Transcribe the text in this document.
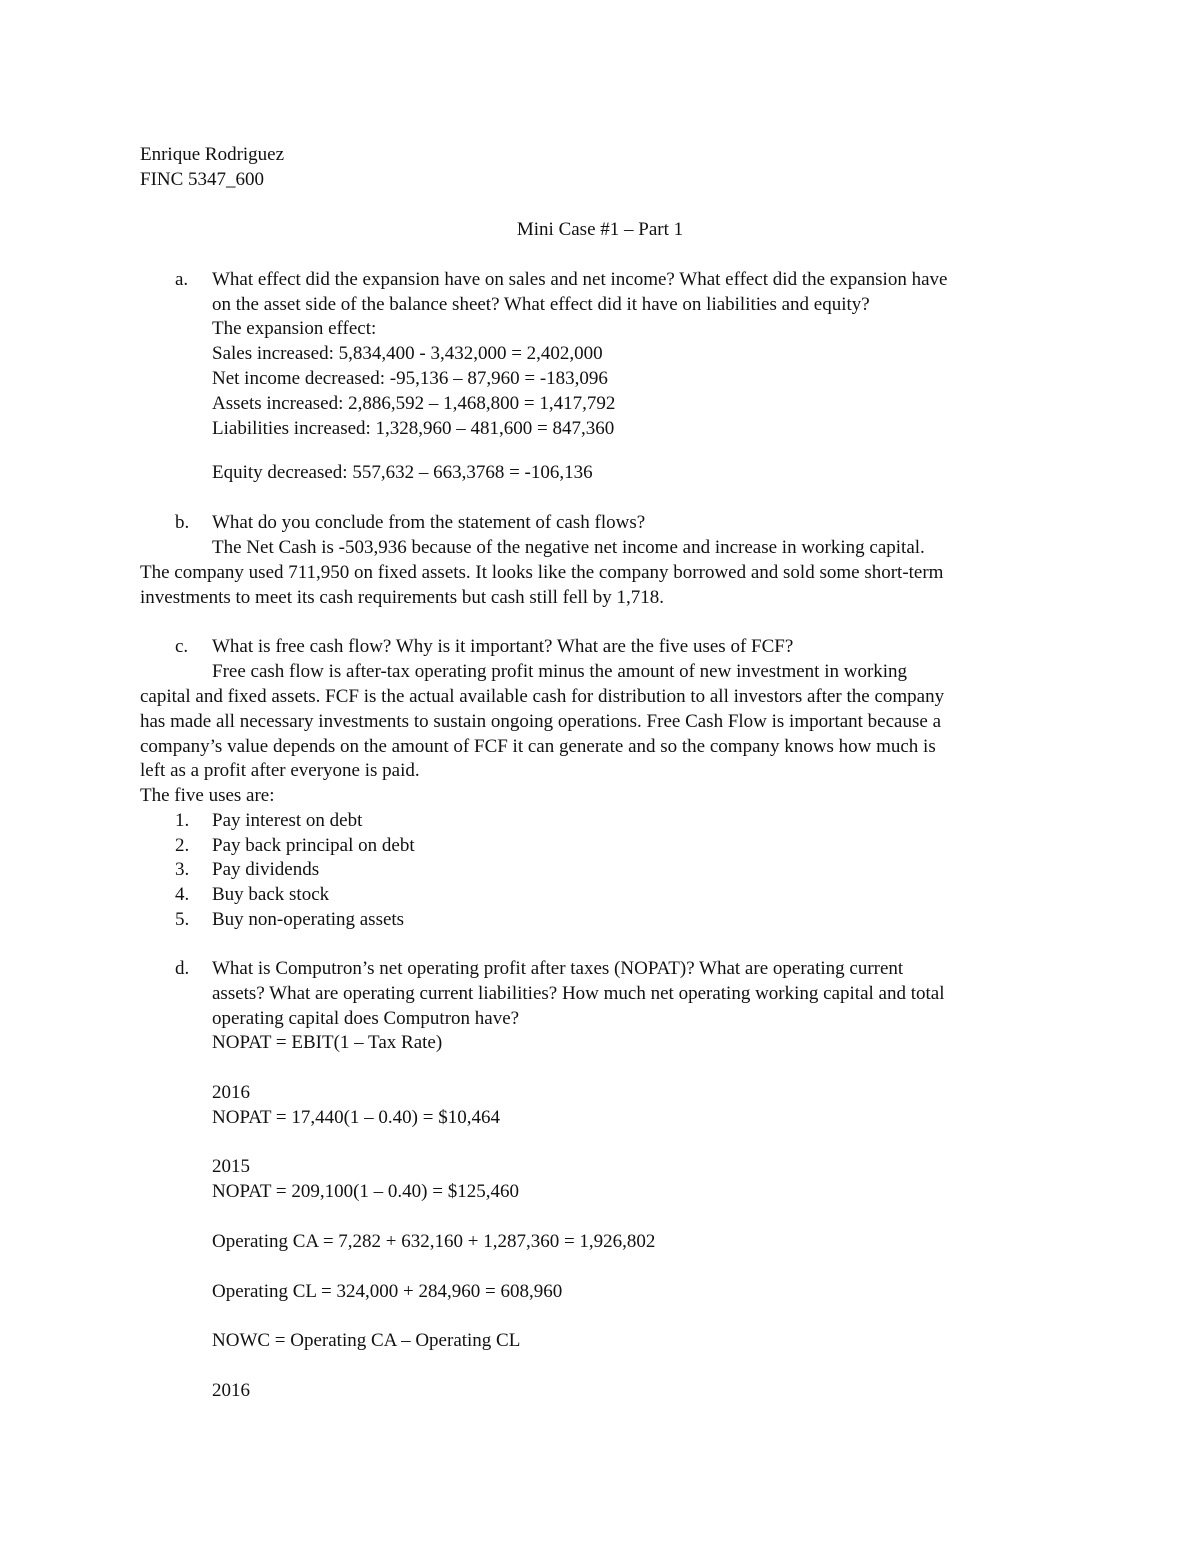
Enrique Rodriguez
FINC 5347_600
Mini Case #1 – Part 1
a. What effect did the expansion have on sales and net income? What effect did the expansion have
on the asset side of the balance sheet? What effect did it have on liabilities and equity?
The expansion effect:
Sales increased: 5,834,400 - 3,432,000 = 2,402,000
Net income decreased: -95,136 – 87,960 = -183,096
Assets increased: 2,886,592 – 1,468,800 = 1,417,792
Liabilities increased: 1,328,960 – 481,600 = 847,360
Equity decreased: 557,632 – 663,3768 = -106,136
b. What do you conclude from the statement of cash flows?
The Net Cash is -503,936 because of the negative net income and increase in working capital.
The company used 711,950 on fixed assets. It looks like the company borrowed and sold some short-term
investments to meet its cash requirements but cash still fell by 1,718.
c. What is free cash flow? Why is it important? What are the five uses of FCF?
Free cash flow is after-tax operating profit minus the amount of new investment in working
capital and fixed assets. FCF is the actual available cash for distribution to all investors after the company
has made all necessary investments to sustain ongoing operations. Free Cash Flow is important because a
company’s value depends on the amount of FCF it can generate and so the company knows how much is
left as a profit after everyone is paid.
The five uses are:
1. Pay interest on debt
2. Pay back principal on debt
3. Pay dividends
4. Buy back stock
5. Buy non-operating assets
d. What is Computron’s net operating profit after taxes (NOPAT)? What are operating current
assets? What are operating current liabilities? How much net operating working capital and total
operating capital does Computron have?
NOPAT = EBIT(1 – Tax Rate)
2016
NOPAT = 17,440(1 – 0.40) = $10,464
2015
NOPAT = 209,100(1 – 0.40) = $125,460
Operating CA = 7,282 + 632,160 + 1,287,360 = 1,926,802
Operating CL = 324,000 + 284,960 = 608,960
NOWC = Operating CA – Operating CL
2016
